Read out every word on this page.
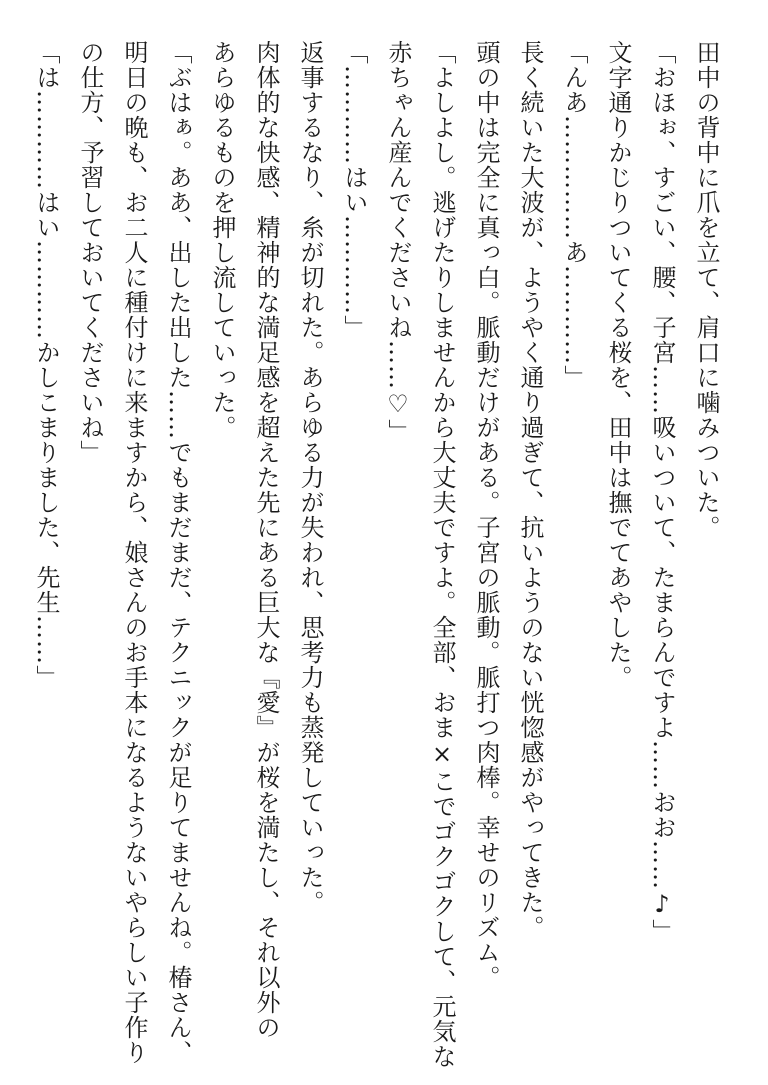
田中の背中に爪を立て、肩口に噛みついた。
「おほぉ、すごい、腰、子宮……吸いついて、たまらんですよ……おお……♪」
文字通りかじりついてくる桜を、田中は撫でてあやした。
「んあ……………あ…………」
長く続いた大波が、ようやく通り過ぎて、抗いようのない恍惚感がやってきた。
頭の中は完全に真っ白。脈動だけがある。子宮の脈動。脈打つ肉棒。幸せのリズム。
「よしよし。逃げたりしませんから大丈夫ですよ。全部、おま×こでゴクゴクして、元気な
赤ちゃん産んでくださいね……♡」
「…………はい…………」
返事するなり、糸が切れた。あらゆる力が失われ、思考力も蒸発していった。
肉体的な快感、精神的な満足感を超えた先にある巨大な『愛』が桜を満たし、それ以外の
あらゆるものを押し流していった。
「ぶはぁ。ああ、出した出した……でもまだまだ、テクニックが足りてませんね。椿さん、
明日の晩も、お二人に種付けに来ますから、娘さんのお手本になるようないやらしい子作り
の仕方、予習しておいてくださいね」
「は…………はい…………かしこまりました、先生……」
